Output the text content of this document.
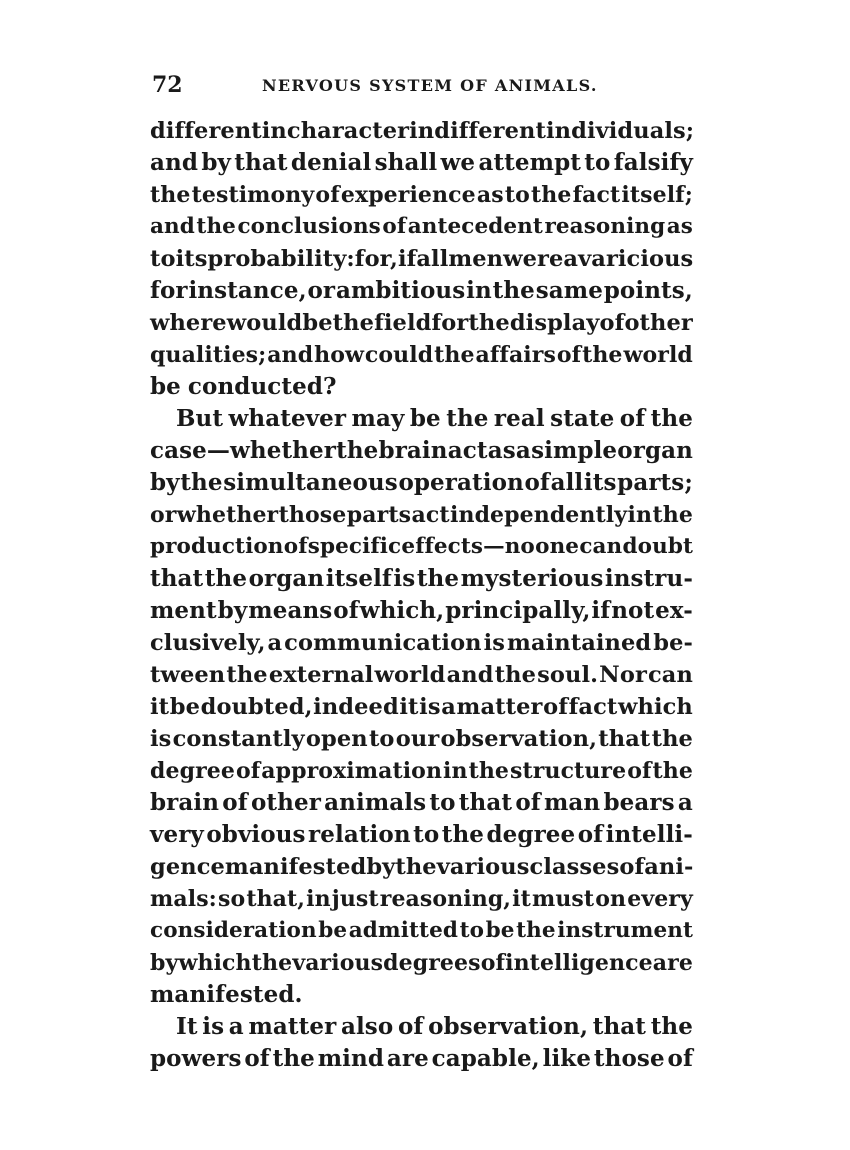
72	NERVOUS SYSTEM OF ANIMALS.
different in character in different individuals;
and by that denial shall we attempt to falsify
the testimony of experience as to the fact itself;
and the conclusions of antecedent reasoning as
to its probability: for, if all men were avaricious
for instance, or ambitious in the same points,
where would be the field for the display of other
qualities; and how could the affairs of the world
be conducted?
But whatever may be the real state of the
case—whether the brain act as a simple organ
by the simultaneous operation of all its parts;
or whether those parts act independently in the
production of specific effects—no one can doubt
that the organ itself is the mysterious instru-
ment by means of which, principally, if not ex-
clusively, a communication is maintained be-
tween the external world and the soul. Nor can
it be doubted, indeed it is a matter of fact which
is constantly open to our observation, that the
degree of approximation in the structure of the
brain of other animals to that of man bears a
very obvious relation to the degree of intelli-
gence manifested by the various classes of ani-
mals: so that, in just reasoning, it must on every
consideration be admitted to be the instrument
by which the various degrees of intelligence are
manifested.
It is a matter also of observation, that the
powers of the mind are capable, like those of
